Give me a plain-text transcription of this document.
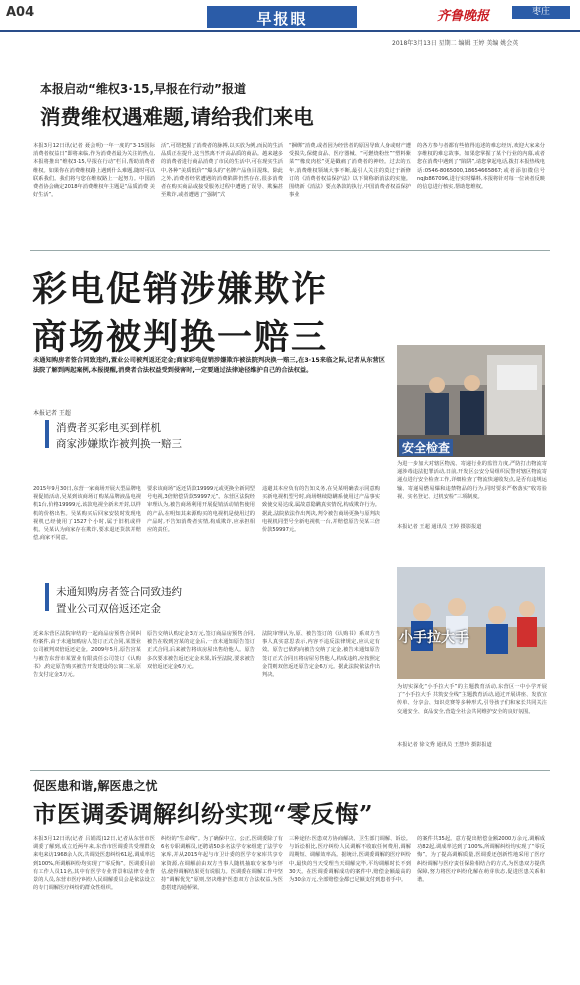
A04	早报眼	齐鲁晚报	枣庄
2018年3月13日 星期二 编辑 王婷 美编 姚会英
本报启动“维权3·15,早报在行动”报道
消费维权遇难题,请给我们来电
本报3月12日讯(记者 聂会明)一年一度的“3·15国际消费者权益日”即将来临,作为消费者最为关注的热点,本报将推出“维权3·15,早报在行动”栏目,帮助消费者维权。如果你在消费维权路上遇到什么难题,随时可以联系我们。我们将与您在维权路上一起努力。中国消费者协会确定2018年消费维权年主题是“品质消费 美好生活”。
活”,可谓把握了消费者的脉搏,以买放为例,而民的生活品质正在提升,这当然离不开高品质的商品。越来越多的消费者进行商品消费了市民的生活中,可在现实生活中,各种“美质低价”“爆头的”名牌产品鱼目混珠。除此之外,消费者经常遭遇的消费陷阱仍然存在,很多消费者在购买商品或接受服务过程中遭遇了误导、欺骗甚至欺诈,或者遭遇了“强制”式
“捆绑”消费,或者因为经营者的原因导致人身或财产遭受损失,保健食品、医疗器械、“可燃烧粉丝”“塑料紫菜”“橡皮肉松”更是戳痛了消费者的神经。过去的五年,消费维权领域大事不断,最引人关注的莫过于新修订的《消费者权益保护法》以下简称新消法的实施。围绕新《消法》要点条款的执行,中国消费者权益保护事业
的各方参与者都有些值得追述的难忘经历,欢迎大家来分享维权的难忘故事。如果您掌握了某个行业的内幕,或者您在消费中遇到了“陷阱”,请您拿起电话,拨打本报热线电话:0546-8065000,18654665867;或者添加微信号nqjb867096,进行实时爆料,本报将针对每一位读者反映的信息进行核实,帮助您维权。
彩电促销涉嫌欺诈
商场被判换一赔三
未通知购房者签合同致违约,置业公司被判返还定金;商家彩电促销涉嫌欺诈被法院判决换一赔三,在3·15来临之际,记者从东营区法院了解到两起案例,本报提醒,消费者合法权益受到侵害时,一定要通过法律途径维护自己的合法权益。
本报记者 王超
消费者买彩电买到样机
商家涉嫌欺诈被判换一赔三
2015年9月30日,东营一家商场开展大型品牌电视促销活动,吴某到该商场订购某品牌液晶电视机1台,价格19999元,该款电视全新未开封,以样机的价格出售。吴某购买后回家安装时发现电视机已经使用了1527个小时,属于旧机或样机。吴某认为商家存在欺诈,要求退还货款并赔偿,商家不同意。
要求该商场”返还货款19999元或更换全新同型号电视,3倍赔偿货款59997元”。东营区法院经审理认为,被告商场利用开展促销活动销售使用的产品,在明知其来源购买的电视机是使用过的产品时,不告知消费者实情,构成欺诈,应承担相应的责任。
违避其本应负有的告知义务,在吴某明确表示同意购买新电视机型号时,商场继续隐瞒系使用过产品事实致使交易达成,属故意隐瞒真实情况,构成欺诈行为。据此,法院依法作出判决,判令被告商场更换与原判决电视机同型号全新电视机一台,并赔偿原告吴某三倍价款59997元。
未通知购房者签合同致违约
置业公司双倍返还定金
近来东营区法院审结的一起商品房预售合同纠纷案件,由于未通知购房人签订正式合同,某置业公司被判双倍返还定金。2009年5月,原告宫某与被告东营市某置业有限责任公司签订《认购书》,约定原告购买被告开发建设的公寓二室,原告支付定金3万元。
原告交纳认购定金3万元,签订商品房预售合同,被告在收到宫某的定金后,一直未通知原告签订正式合同,后来被告将该房屋出售给他人。原告多次要求被告返还定金未果,诉至法院,要求被告双倍返还定金6万元。
法院审理认为,原、被告签订的《认购书》系双方当事人真实意思表示,内容不违反法律规定,应认定有效。原告已依约向被告交纳了定金,被告未通知原告签订正式合同且将房屋另售他人,构成违约,应按照定金罚则双倍返还原告定金6万元。据此法院依法作出判决。
安全检查
为进一步加大对辖区物流、寄递行业的监管力度,严防打击物流寄递涉毒违法犯罪活动,日前,开发区公安分局组织民警对辖区物流寄递点进行安全检查工作,详细检查了物流快递收发点,是否有违规运输、寄递易燃易爆和违禁物品的行为,同时要求严格落实“收寄验视、实名登记、过机安检”三项制度。
本报记者 王超 通讯员 王婷 摄影报道
小手拉大手
为切实深化“小手拉大手”的主题教育活动,东营区一中小学开展了“小手拉大手 共筑安全线”主题教育活动,通过开展讲座、发放宣传单、分享会、知识竞赛等多种形式,引导孩子们和家长共同关注交通安全、食品安全,营造全社会共同维护安全的良好氛围。
本报记者 徐文秀 通讯员 王慧玲 摄影报道
促医患和谐,解医患之忧
市医调委调解纠纷实现“零反悔”
本报3月12日讯(记者 吕娟霞)12日,记者从东营市医调委了解到,成立近两年来,东营市医调委共受理群众来电来访1968余人次,共调处医患纠纷61起,调成率达到100%,所调解纠纷均实现了“零反悔”。医调委目前有工作人员11名,其中有医学专业背景和法律专业背景的人员,东营市医疗纠纷人民调解委员会是依法设立的专门调解医疗纠纷的群众性组织。
纠纷的“生命线”。为了确保中立、公正,医调委除了有6名专职调解员,还聘请50多名法学专家组建了法学专家库,并从2015年起与市卫计委的医学专家库共享专家资源,在调解前由双方当事人随机抽取专家参与评估,使得调解结果更有说服力。医调委在调解工作中坚持“调解优先”原则,坚决维护医患双方合法权益,为医患搭建沟通桥梁。
三种途径:医患双方协商解决、卫生部门调解、诉讼。与诉讼相比,医疗纠纷人民调解不收取任何费用,调解周期短、调解效率高。据统计,医调委调解的医疗纠纷中,最快的当天受理当天调解完毕,平均调解时长不到30天。在医调委调解成功的案件中,赔偿金额最高的为30余万元,全部赔偿金都已足额支付到患者手中。
的案件共35起。意方提出赔偿金额2000万余元,调解成功82起,调成率达到了100%,所调解纠纷均实现了“零反悔”。为了提高调解质量,医调委还创新性地采用了医疗纠纷调解与医疗责任保险相结合的方式,为医患双方提供保障,努力将医疗纠纷化解在萌芽状态,促进医患关系和谐。
